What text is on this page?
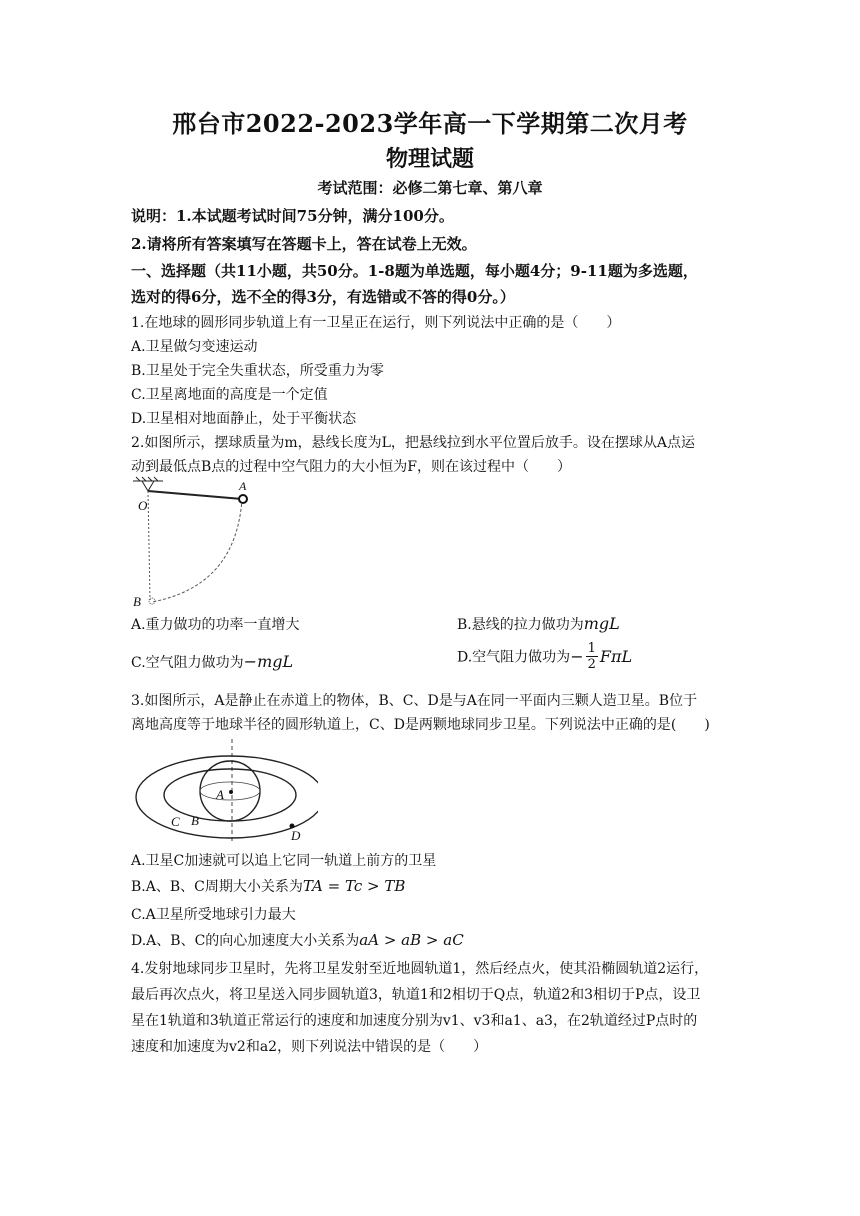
邢台市2022-2023学年高一下学期第二次月考
物理试题
考试范围：必修二第七章、第八章
说明：1.本试题考试时间75分钟，满分100分。
2.请将所有答案填写在答题卡上，答在试卷上无效。
一、选择题（共11小题，共50分。1-8题为单选题，每小题4分；9-11题为多选题，
选对的得6分，选不全的得3分，有选错或不答的得0分。）
1.在地球的圆形同步轨道上有一卫星正在运行，则下列说法中正确的是（　　）
A.卫星做匀变速运动
B.卫星处于完全失重状态，所受重力为零
C.卫星离地面的高度是一个定值
D.卫星相对地面静止，处于平衡状态
2.如图所示，摆球质量为m，悬线长度为L，把悬线拉到水平位置后放手。设在摆球从A点运
动到最低点B点的过程中空气阻力的大小恒为F，则在该过程中（　　）
O
A
B
A.重力做功的功率一直增大	B.悬线的拉力做功为mgL
C.空气阻力做功为−mgL	D.空气阻力做功为− $\frac{1}{2}$ FπL
3.如图所示，A是静止在赤道上的物体，B、C、D是与A在同一平面内三颗人造卫星。B位于
离地高度等于地球半径的圆形轨道上，C、D是两颗地球同步卫星。下列说法中正确的是(　　)
A
B
C
D
A.卫星C加速就可以追上它同一轨道上前方的卫星
B.A、B、C周期大小关系为TA = Tc > TB
C.A卫星所受地球引力最大
D.A、B、C的向心加速度大小关系为aA > aB > aC
4.发射地球同步卫星时，先将卫星发射至近地圆轨道1，然后经点火，使其沿椭圆轨道2运行，
最后再次点火，将卫星送入同步圆轨道3，轨道1和2相切于Q点，轨道2和3相切于P点，设卫
星在1轨道和3轨道正常运行的速度和加速度分别为v1、v3和a1、a3，在2轨道经过P点时的
速度和加速度为v2和a2，则下列说法中错误的是（　　）
